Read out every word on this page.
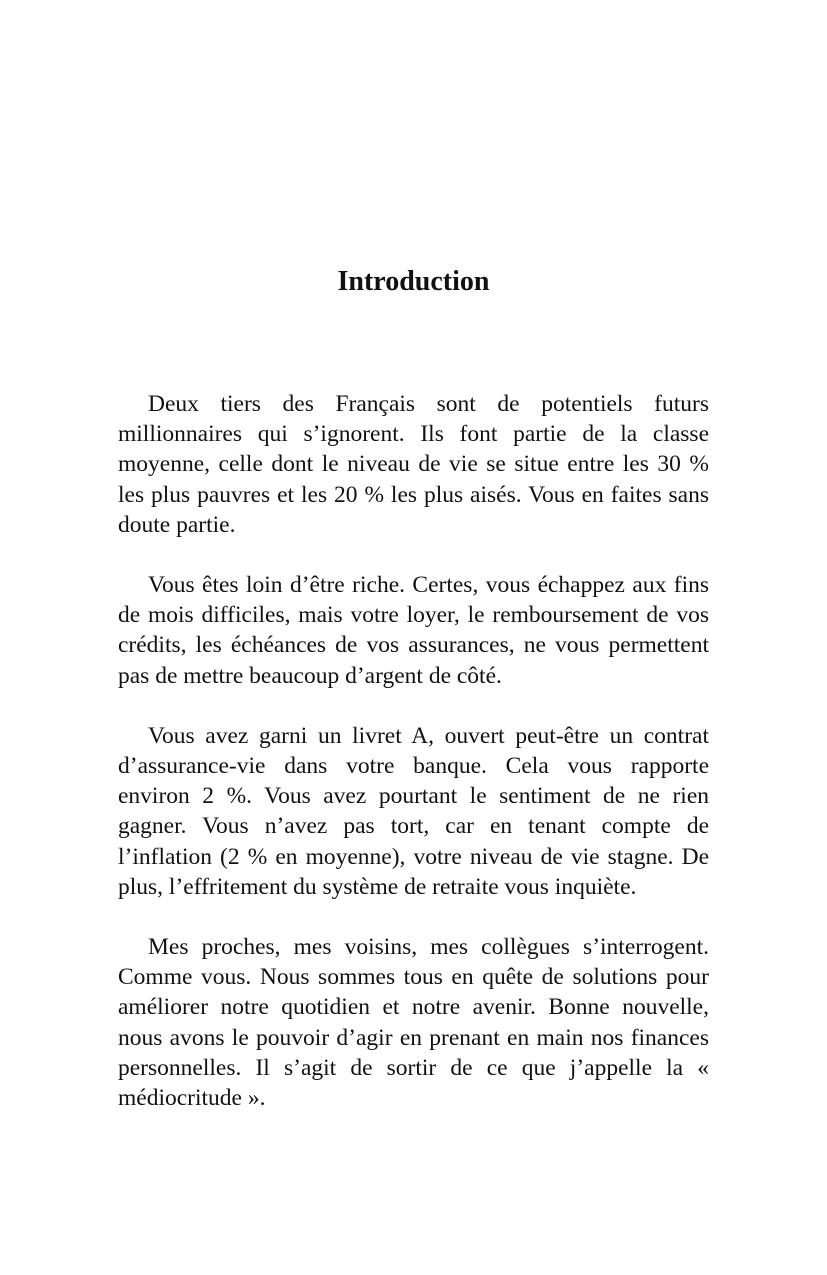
Introduction

Deux tiers des Français sont de potentiels futurs millionnaires qui s’ignorent. Ils font partie de la classe moyenne, celle dont le niveau de vie se situe entre les 30 % les plus pauvres et les 20 % les plus aisés. Vous en faites sans doute partie.

Vous êtes loin d’être riche. Certes, vous échappez aux fins de mois difficiles, mais votre loyer, le remboursement de vos crédits, les échéances de vos assurances, ne vous permettent pas de mettre beaucoup d’argent de côté.

Vous avez garni un livret A, ouvert peut-être un contrat d’assurance-vie dans votre banque. Cela vous rapporte environ 2 %. Vous avez pourtant le sentiment de ne rien gagner. Vous n’avez pas tort, car en tenant compte de l’inflation (2 % en moyenne), votre niveau de vie stagne. De plus, l’effritement du système de retraite vous inquiète.

Mes proches, mes voisins, mes collègues s’interrogent. Comme vous. Nous sommes tous en quête de solutions pour améliorer notre quotidien et notre avenir. Bonne nouvelle, nous avons le pouvoir d’agir en prenant en main nos finances personnelles. Il s’agit de sortir de ce que j’appelle la « médiocritude ».
